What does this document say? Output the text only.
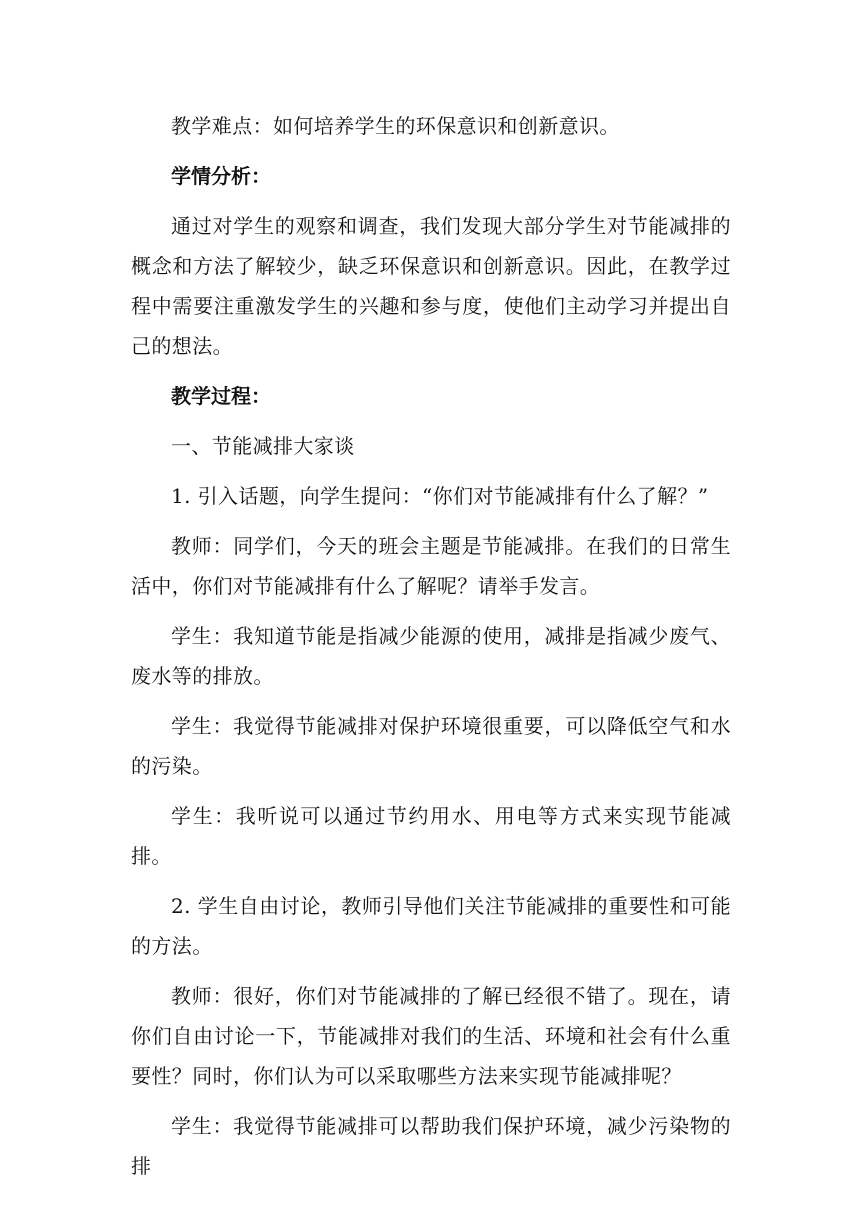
教学难点：如何培养学生的环保意识和创新意识。

学情分析：

通过对学生的观察和调查，我们发现大部分学生对节能减排的概念和方法了解较少，缺乏环保意识和创新意识。因此，在教学过程中需要注重激发学生的兴趣和参与度，使他们主动学习并提出自己的想法。

教学过程：

一、节能减排大家谈

1. 引入话题，向学生提问：“你们对节能减排有什么了解？”

教师：同学们，今天的班会主题是节能减排。在我们的日常生活中，你们对节能减排有什么了解呢？请举手发言。

学生：我知道节能是指减少能源的使用，减排是指减少废气、废水等的排放。

学生：我觉得节能减排对保护环境很重要，可以降低空气和水的污染。

学生：我听说可以通过节约用水、用电等方式来实现节能减排。

2. 学生自由讨论，教师引导他们关注节能减排的重要性和可能的方法。

教师：很好，你们对节能减排的了解已经很不错了。现在，请你们自由讨论一下，节能减排对我们的生活、环境和社会有什么重要性？同时，你们认为可以采取哪些方法来实现节能减排呢？

学生：我觉得节能减排可以帮助我们保护环境，减少污染物的排
